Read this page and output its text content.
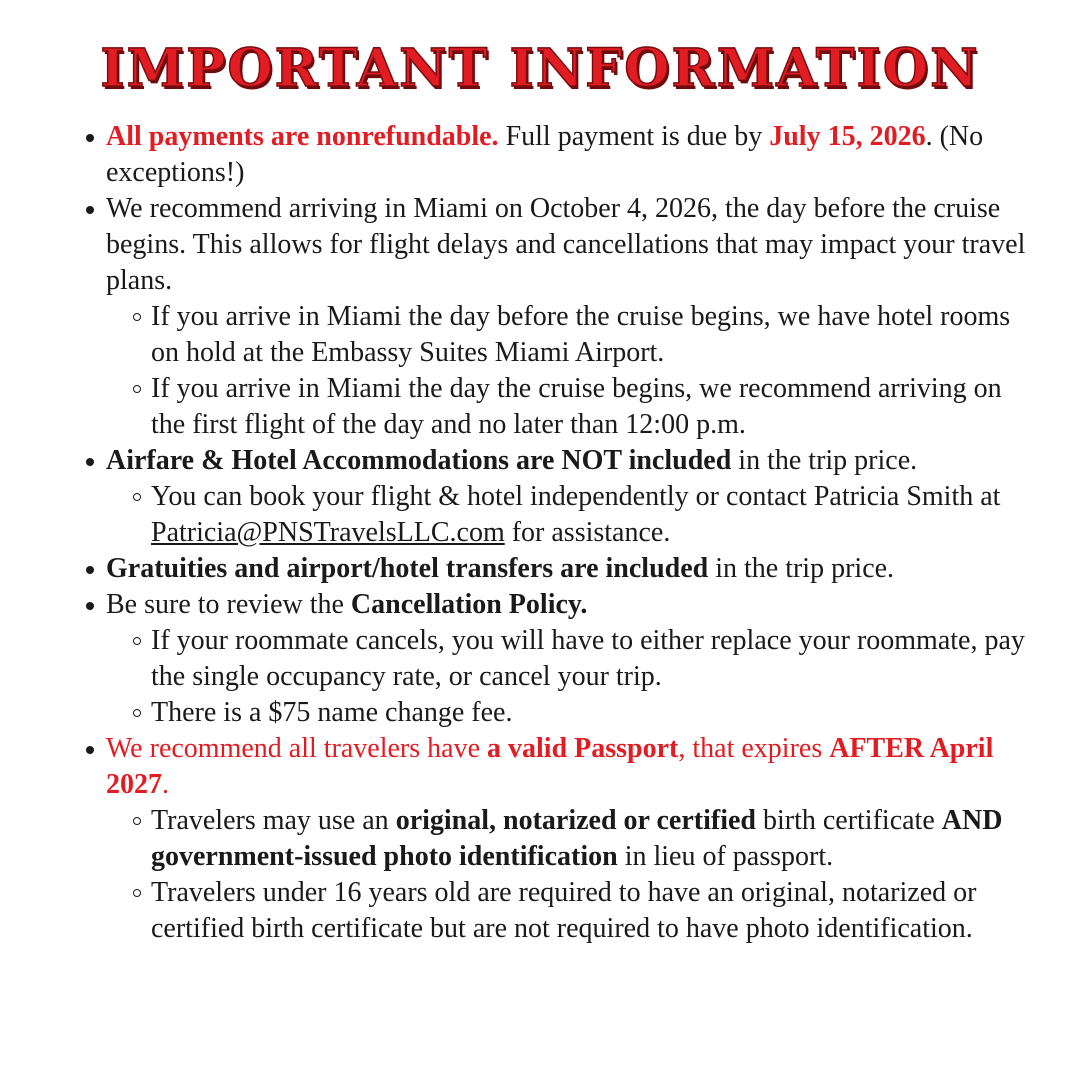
IMPORTANT INFORMATION
All payments are nonrefundable. Full payment is due by July 15, 2026. (No exceptions!)
We recommend arriving in Miami on October 4, 2026, the day before the cruise begins. This allows for flight delays and cancellations that may impact your travel plans.
If you arrive in Miami the day before the cruise begins, we have hotel rooms on hold at the Embassy Suites Miami Airport.
If you arrive in Miami the day the cruise begins, we recommend arriving on the first flight of the day and no later than 12:00 p.m.
Airfare & Hotel Accommodations are NOT included in the trip price.
You can book your flight & hotel independently or contact Patricia Smith at Patricia@PNSTravelsLLC.com for assistance.
Gratuities and airport/hotel transfers are included in the trip price.
Be sure to review the Cancellation Policy.
If your roommate cancels, you will have to either replace your roommate, pay the single occupancy rate, or cancel your trip.
There is a $75 name change fee.
We recommend all travelers have a valid Passport, that expires AFTER April 2027.
Travelers may use an original, notarized or certified birth certificate AND government-issued photo identification in lieu of passport.
Travelers under 16 years old are required to have an original, notarized or certified birth certificate but are not required to have photo identification.
